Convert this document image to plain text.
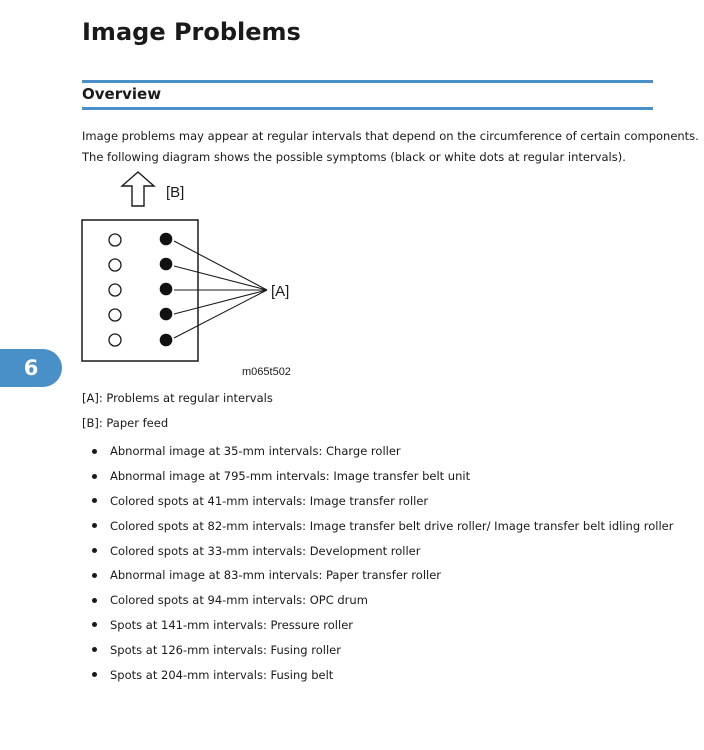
Image Problems
Overview
Image problems may appear at regular intervals that depend on the circumference of certain components.
The following diagram shows the possible symptoms (black or white dots at regular intervals).
[B]
[A]
m065t502
6

[A]: Problems at regular intervals

[B]: Paper feed

Abnormal image at 35-mm intervals: Charge roller
Abnormal image at 795-mm intervals: Image transfer belt unit
Colored spots at 41-mm intervals: Image transfer roller
Colored spots at 82-mm intervals: Image transfer belt drive roller/ Image transfer belt idling roller
Colored spots at 33-mm intervals: Development roller
Abnormal image at 83-mm intervals: Paper transfer roller
Colored spots at 94-mm intervals: OPC drum
Spots at 141-mm intervals: Pressure roller
Spots at 126-mm intervals: Fusing roller
Spots at 204-mm intervals: Fusing belt
